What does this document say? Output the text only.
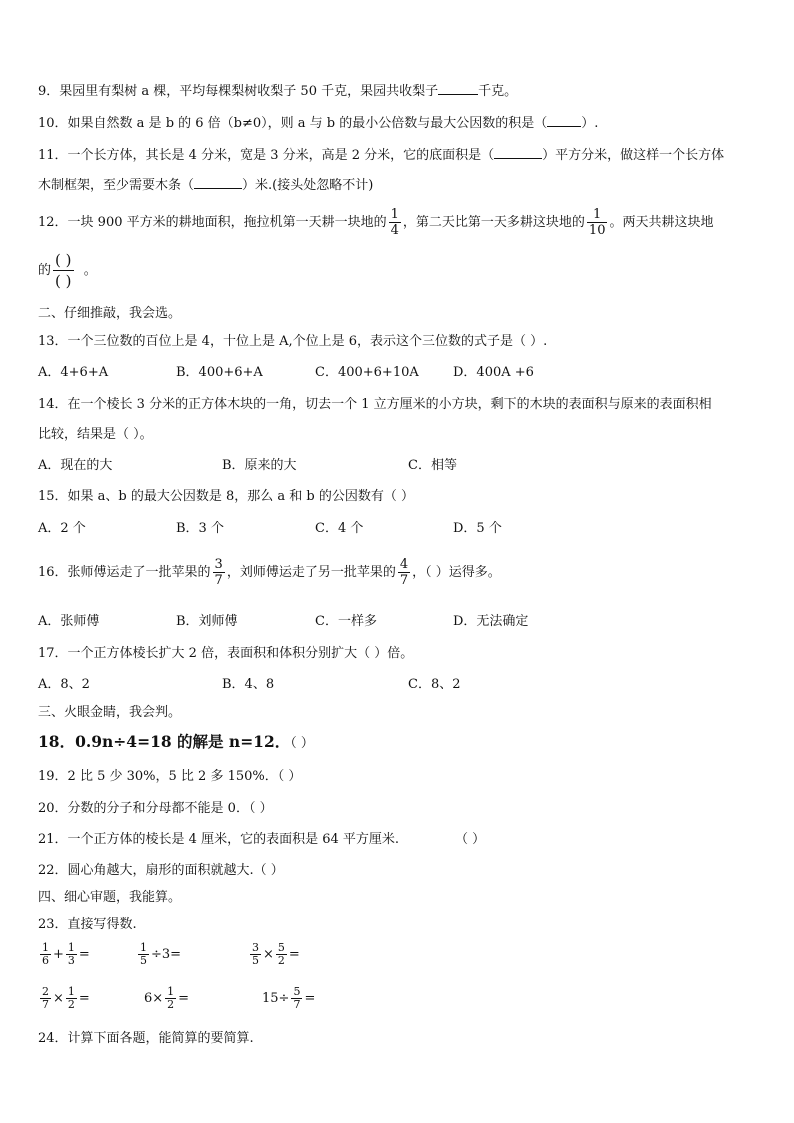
9．果园里有梨树 a 棵，平均每棵梨树收梨子 50 千克，果园共收梨子	千克。
10．如果自然数 a 是 b 的 6 倍（b≠0），则 a 与 b 的最小公倍数与最大公因数的积是（	）.
11．一个长方体，其长是 4 分米，宽是 3 分米，高是 2 分米，它的底面积是（	）平方分米，做这样一个长方体
木制框架，至少需要木条（	）米.(接头处忽略不计)
12．一块 900 平方米的耕地面积，拖拉机第一天耕一块地的 $\frac{1}{4}$ ，第二天比第一天多耕这块地的 $\frac{1}{10}$ 。两天共耕这块地
的 $\frac{( )}{( )}$ 。
二、仔细推敲，我会选。
13．一个三位数的百位上是 4，十位上是 A,个位上是 6，表示这个三位数的式子是（ ）.
A．4+6+A	B．400+6+A	C．400+6+10A	D．400A +6
14．在一个棱长 3 分米的正方体木块的一角，切去一个 1 立方厘米的小方块，剩下的木块的表面积与原来的表面积相
比较，结果是（ ）。
A．现在的大	B．原来的大	C．相等
15．如果 a、b 的最大公因数是 8，那么 a 和 b 的公因数有（ ）
A．2 个	B．3 个	C．4 个	D．5 个
16．张师傅运走了一批苹果的 $\frac{3}{7}$ ，刘师傅运走了另一批苹果的 $\frac{4}{7}$ ，（ ）运得多。
A．张师傅	B．刘师傅	C．一样多	D．无法确定
17．一个正方体棱长扩大 2 倍，表面积和体积分别扩大（ ）倍。
A．8、2	B．4、8	C．8、2
三、火眼金睛，我会判。
18．0.9n÷4=18 的解是 n=12．（ ）
19．2 比 5 少 30%，5 比 2 多 150%．（ ）
20．分数的分子和分母都不能是 0．（ ）
21．一个正方体的棱长是 4 厘米，它的表面积是 64 平方厘米.	（ ）
22．圆心角越大，扇形的面积就越大.（ ）
四、细心审题，我能算。
23．直接写得数.
$\frac{1}{6} + \frac{1}{3}$ =	$\frac{1}{5} \div 3=$	$\frac{3}{5} \times \frac{5}{2}$ =
$\frac{2}{7} \times \frac{1}{2}$ =	$6\times \frac{1}{2}$ =	$15\div \frac{5}{7}$ =
24．计算下面各题，能简算的要简算.
